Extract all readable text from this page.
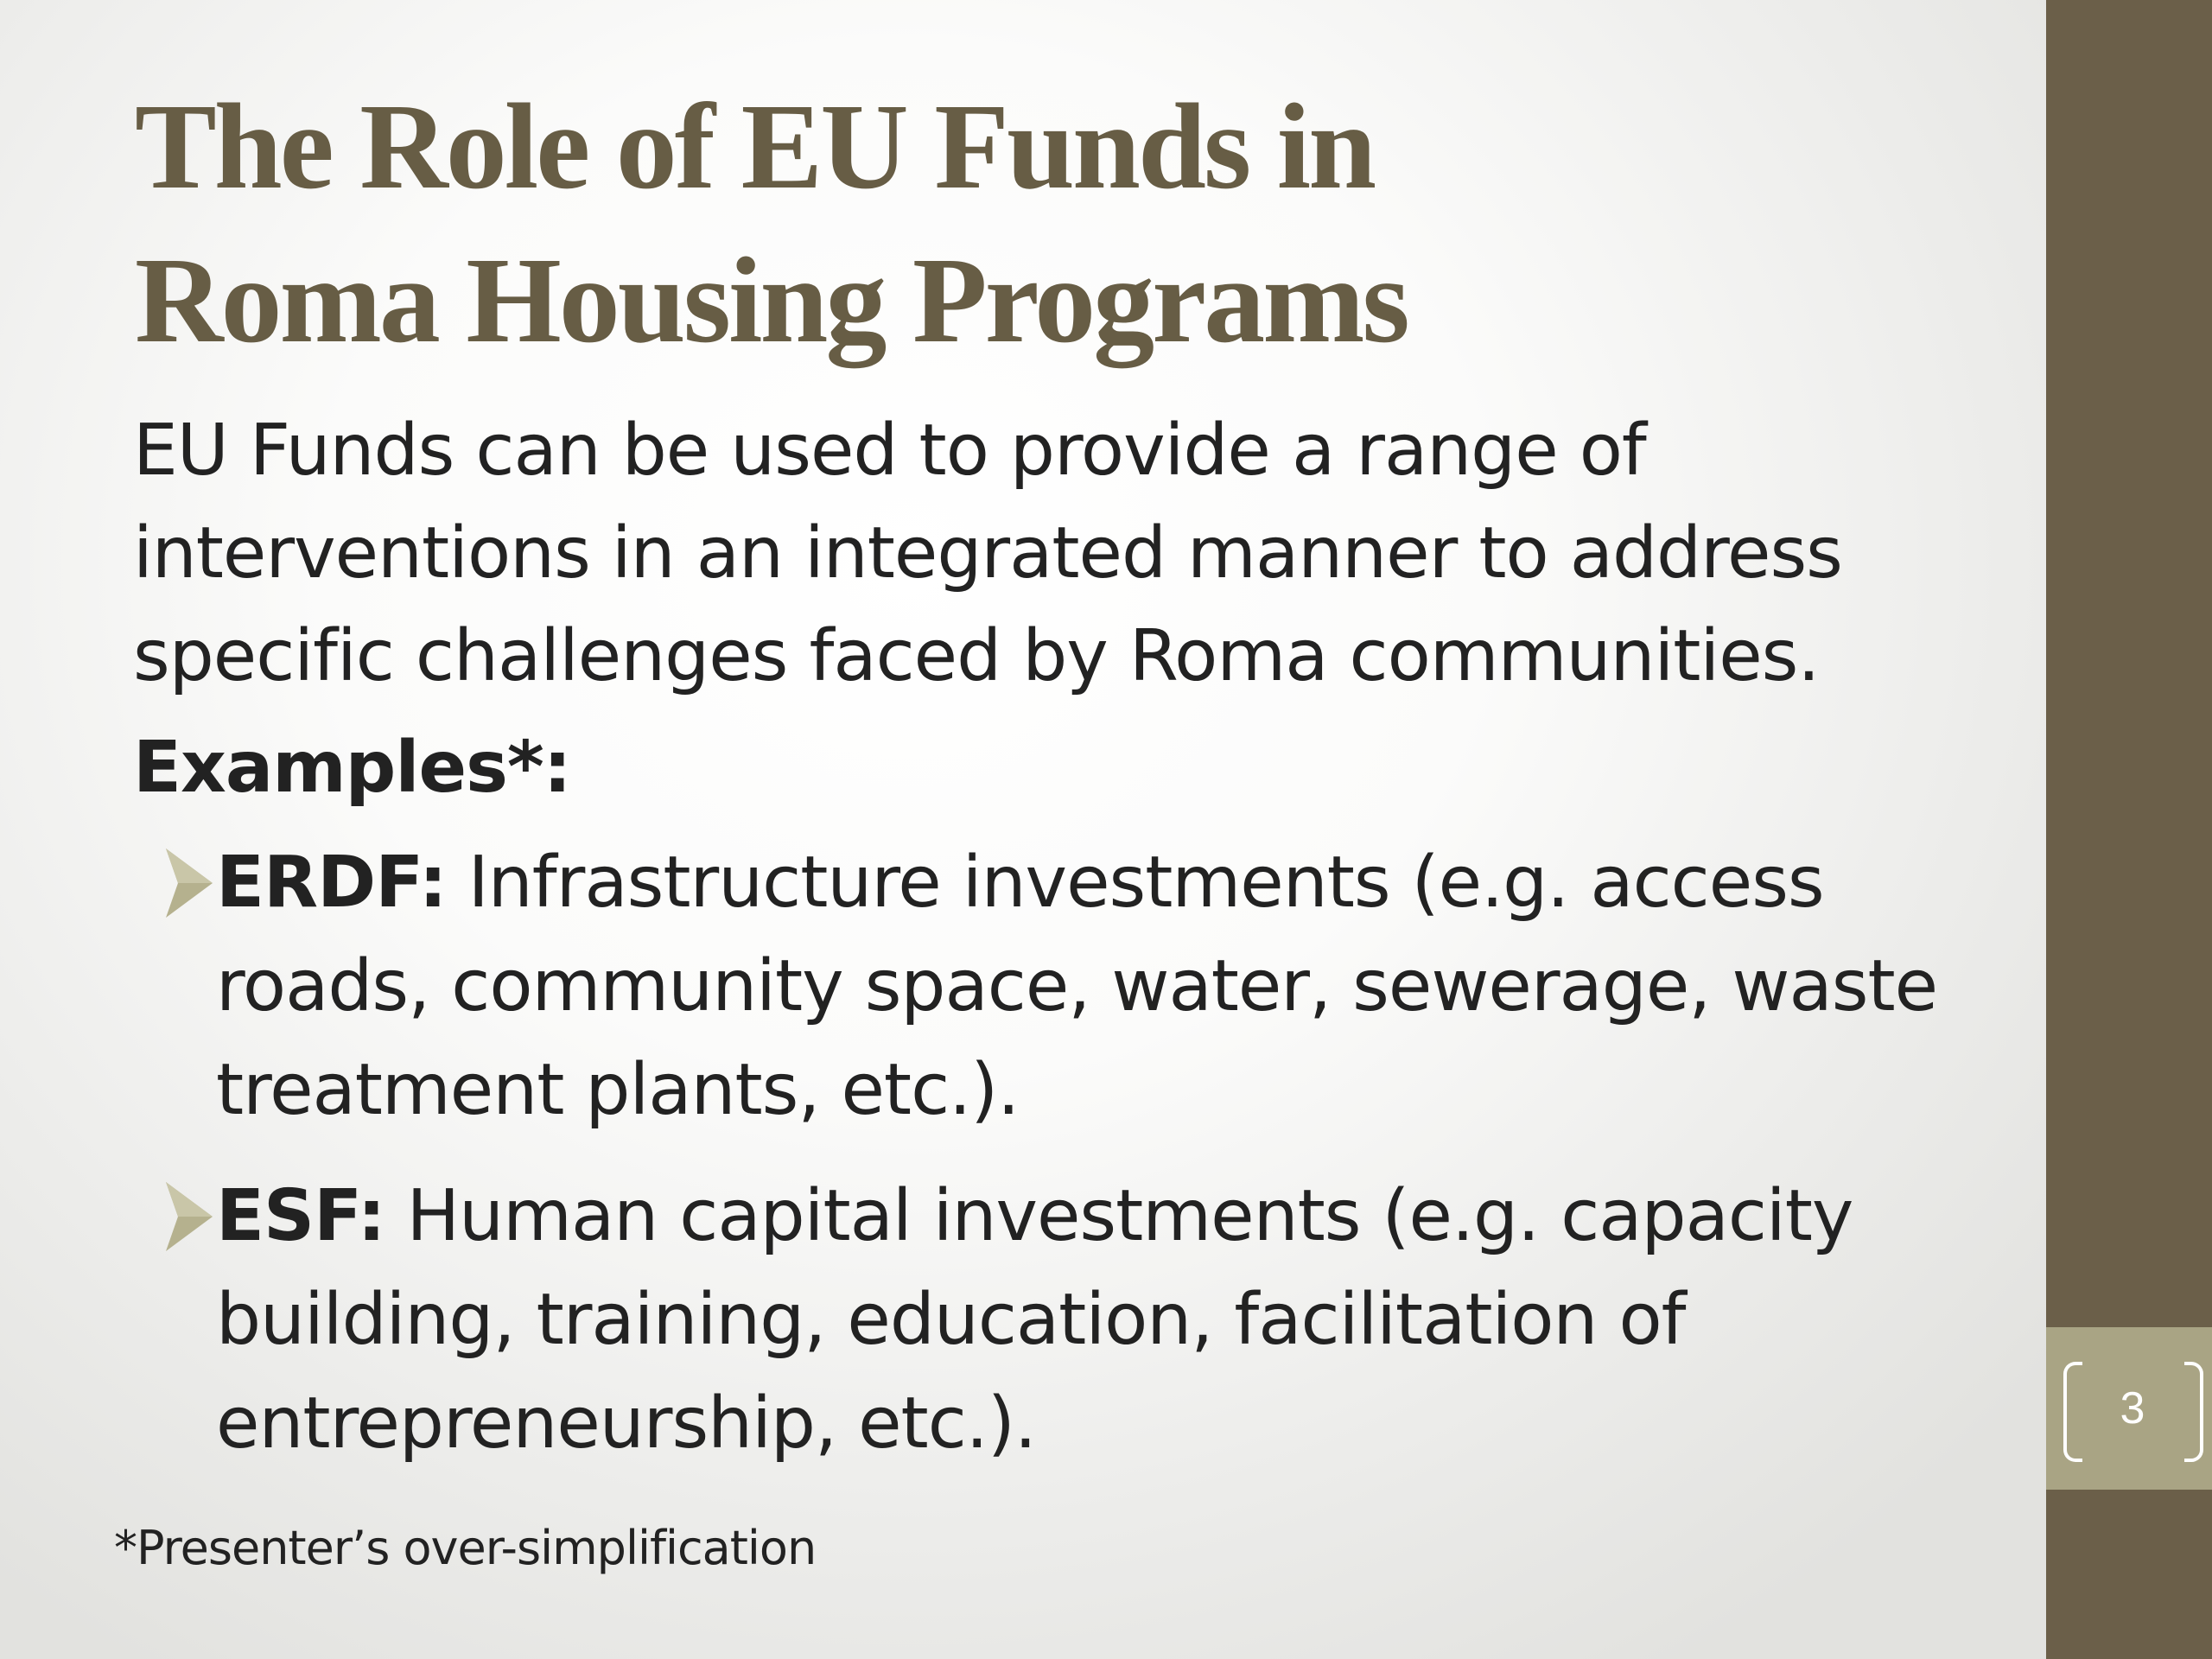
The Role of EU Funds in
Roma Housing Programs

EU Funds can be used to provide a range of interventions in an integrated manner to address specific challenges faced by Roma communities.

Examples*:

ERDF: Infrastructure investments (e.g. access roads, community space, water, sewerage, waste treatment plants, etc.).

ESF: Human capital investments (e.g. capacity building, training, education, facilitation of entrepreneurship, etc.).

*Presenter’s over-simplification
3
